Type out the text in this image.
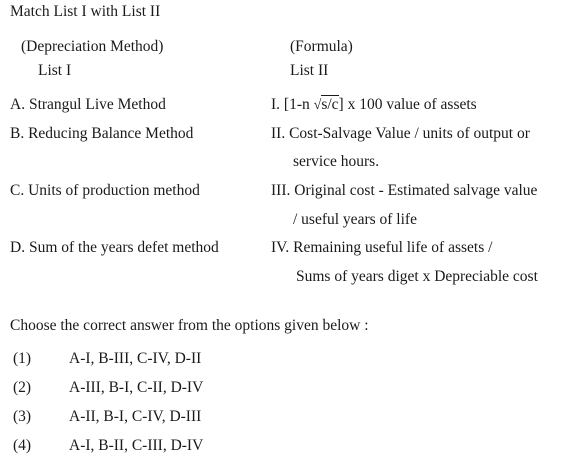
Match List I with List II
(Depreciation Method)
List I
(Formula)
List II
A. Strangul Live Method
B. Reducing Balance Method
C. Units of production method
D. Sum of the years defet method
I. [1-n √s/c] x 100 value of assets
II. Cost-Salvage Value / units of output or
service hours.
III. Original cost - Estimated salvage value
/ useful years of life
IV. Remaining useful life of assets /
Sums of years diget x Depreciable cost
Choose the correct answer from the options given below :
(1) A-I, B-III, C-IV, D-II
(2) A-III, B-I, C-II, D-IV
(3) A-II, B-I, C-IV, D-III
(4) A-I, B-II, C-III, D-IV
